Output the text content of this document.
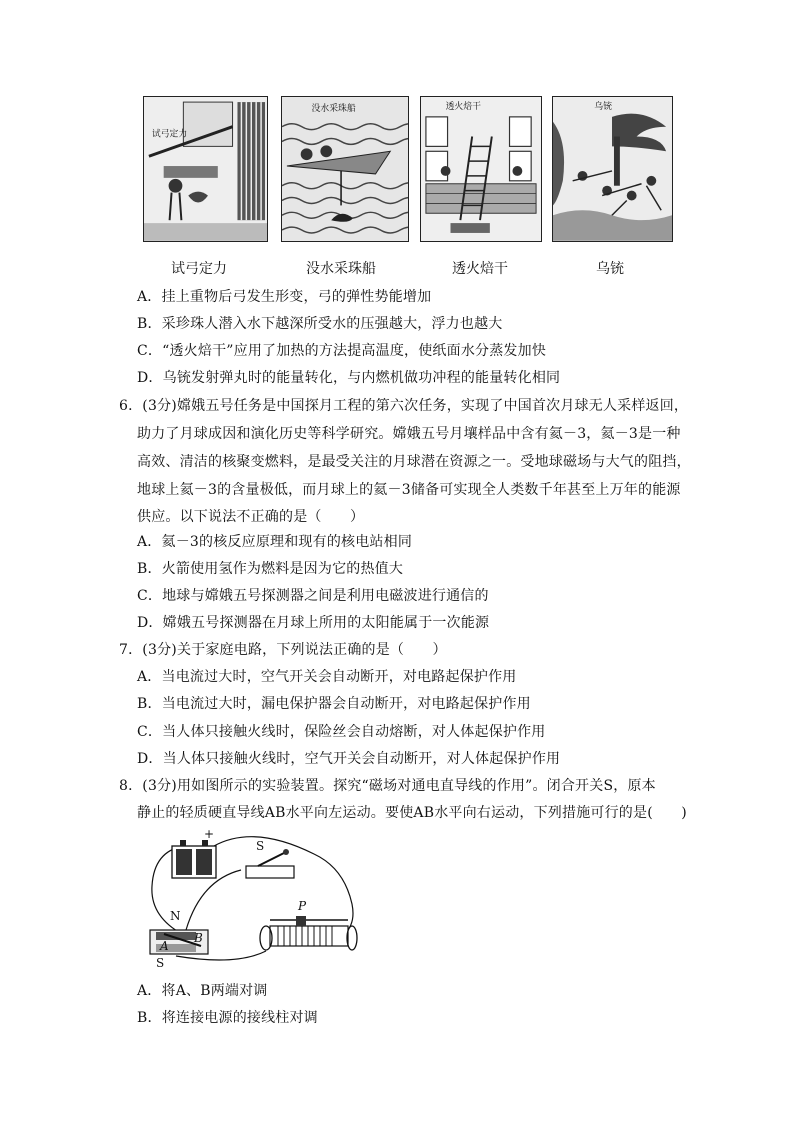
试弓定力
没水采珠船	透火焙干	乌铳
试弓定力	没水采珠船	透火焙干	乌铳
A．挂上重物后弓发生形变，弓的弹性势能增加
B．采珍珠人潜入水下越深所受水的压强越大，浮力也越大
C．“透火焙干”应用了加热的方法提高温度，使纸面水分蒸发加快
D．乌铳发射弹丸时的能量转化，与内燃机做功冲程的能量转化相同
6．(3分)嫦娥五号任务是中国探月工程的第六次任务，实现了中国首次月球无人采样返回，
助力了月球成因和演化历史等科学研究。嫦娥五号月壤样品中含有氦－3，氦－3是一种
高效、清洁的核聚变燃料，是最受关注的月球潜在资源之一。受地球磁场与大气的阻挡，
地球上氦－3的含量极低，而月球上的氦－3储备可实现全人类数千年甚至上万年的能源
供应。以下说法不正确的是（　　）
A．氦－3的核反应原理和现有的核电站相同
B．火箭使用氢作为燃料是因为它的热值大
C．地球与嫦娥五号探测器之间是利用电磁波进行通信的
D．嫦娥五号探测器在月球上所用的太阳能属于一次能源
7．(3分)关于家庭电路，下列说法正确的是（　　）
A．当电流过大时，空气开关会自动断开，对电路起保护作用
B．当电流过大时，漏电保护器会自动断开，对电路起保护作用
C．当人体只接触火线时，保险丝会自动熔断，对人体起保护作用
D．当人体只接触火线时，空气开关会自动断开，对人体起保护作用
8．(3分)用如图所示的实验装置。探究“磁场对通电直导线的作用”。闭合开关S，原本
静止的轻质硬直导线AB水平向左运动。要使AB水平向右运动，下列措施可行的是(　　)
+
S
N
S
A
B
P
A．将A、B两端对调
B．将连接电源的接线柱对调
